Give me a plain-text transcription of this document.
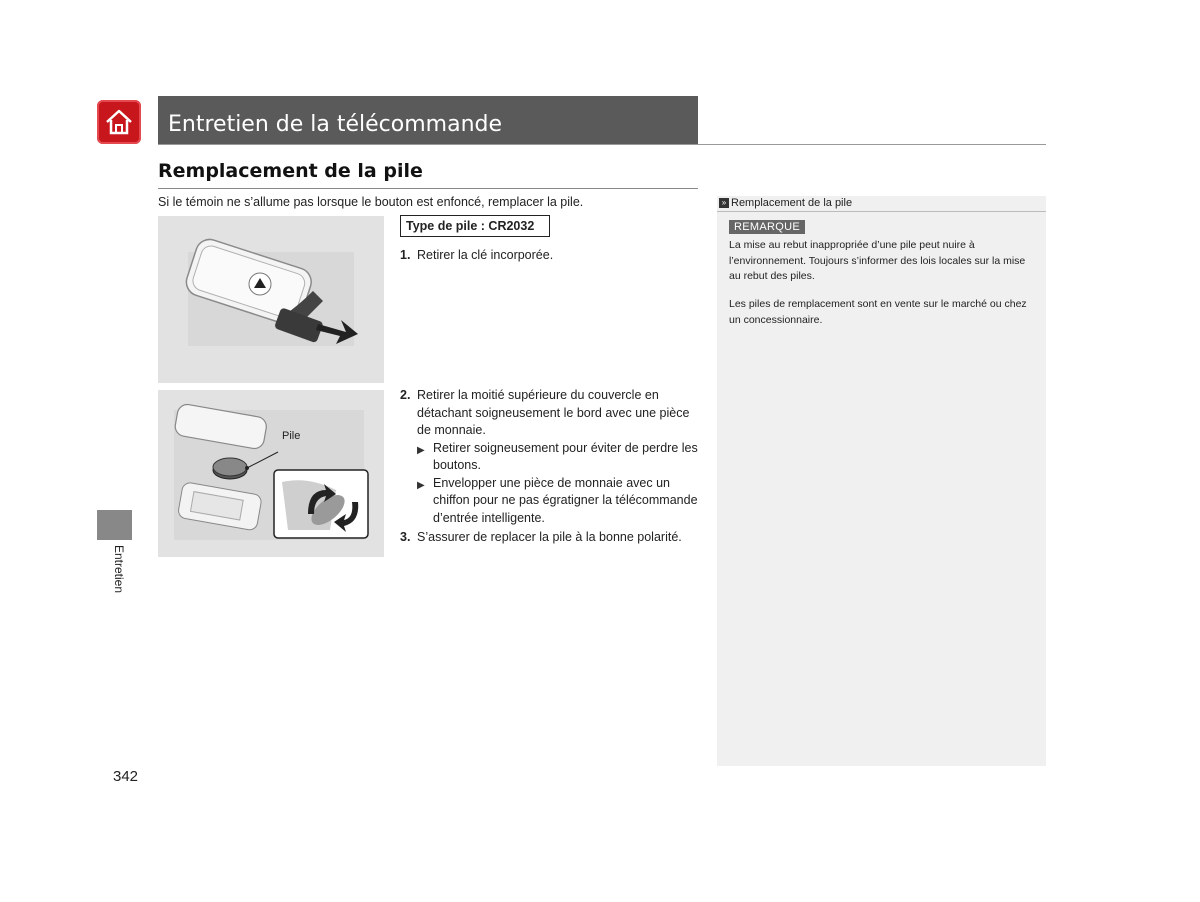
Entretien de la télécommande
Remplacement de la pile
Si le témoin ne s’allume pas lorsque le bouton est enfoncé, remplacer la pile.
Pile
Type de pile : CR2032
1. Retirer la clé incorporée.
2. Retirer la moitié supérieure du couvercle en détachant soigneusement le bord avec une pièce de monnaie.
▶ Retirer soigneusement pour éviter de perdre les boutons.
▶ Envelopper une pièce de monnaie avec un chiffon pour ne pas égratigner la télécommande d’entrée intelligente.
3. S’assurer de replacer la pile à la bonne polarité.
Entretien
342
» Remplacement de la pile
REMARQUE
La mise au rebut inappropriée d’une pile peut nuire à l’environnement. Toujours s’informer des lois locales sur la mise au rebut des piles.
Les piles de remplacement sont en vente sur le marché ou chez un concessionnaire.
